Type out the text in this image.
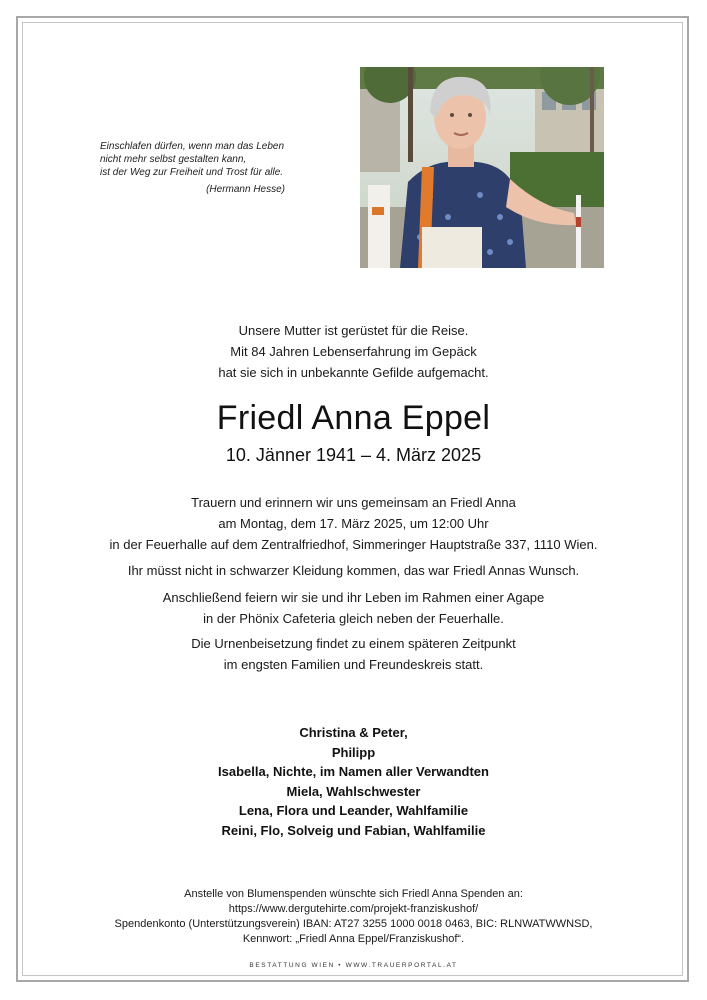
Einschlafen dürfen, wenn man das Leben
nicht mehr selbst gestalten kann,
ist der Weg zur Freiheit und Trost für alle.
(Hermann Hesse)
Unsere Mutter ist gerüstet für die Reise.
Mit 84 Jahren Lebenserfahrung im Gepäck
hat sie sich in unbekannte Gefilde aufgemacht.
Friedl Anna Eppel
10. Jänner 1941 – 4. März 2025
Trauern und erinnern wir uns gemeinsam an Friedl Anna
am Montag, dem 17. März 2025, um 12:00 Uhr
in der Feuerhalle auf dem Zentralfriedhof, Simmeringer Hauptstraße 337, 1110 Wien.
Ihr müsst nicht in schwarzer Kleidung kommen, das war Friedl Annas Wunsch.
Anschließend feiern wir sie und ihr Leben im Rahmen einer Agape
in der Phönix Cafeteria gleich neben der Feuerhalle.
Die Urnenbeisetzung findet zu einem späteren Zeitpunkt
im engsten Familien und Freundeskreis statt.
Christina & Peter,
Philipp
Isabella, Nichte, im Namen aller Verwandten
Miela, Wahlschwester
Lena, Flora und Leander, Wahlfamilie
Reini, Flo, Solveig und Fabian, Wahlfamilie
Anstelle von Blumenspenden wünschte sich Friedl Anna Spenden an:
https://www.dergutehirte.com/projekt-franziskushof/
Spendenkonto (Unterstützungsverein) IBAN: AT27 3255 1000 0018 0463, BIC: RLNWATWWNSD,
Kennwort: „Friedl Anna Eppel/Franziskushof“.
BESTATTUNG WIEN • WWW.TRAUERPORTAL.AT
